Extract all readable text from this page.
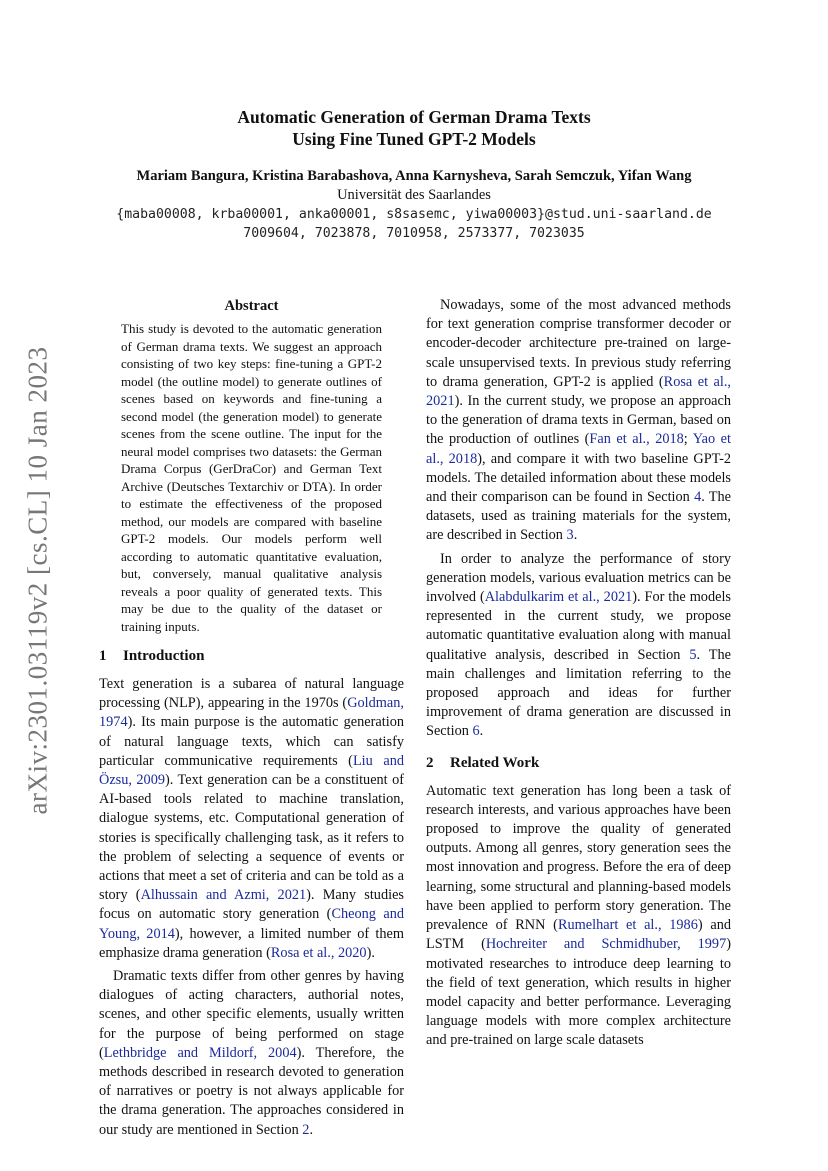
arXiv:2301.03119v2 [cs.CL] 10 Jan 2023
Automatic Generation of German Drama Texts
Using Fine Tuned GPT-2 Models
Mariam Bangura, Kristina Barabashova, Anna Karnysheva, Sarah Semczuk, Yifan Wang
Universität des Saarlandes
{maba00008, krba00001, anka00001, s8sasemc, yiwa00003}@stud.uni-saarland.de
7009604, 7023878, 7010958, 2573377, 7023035
Abstract

This study is devoted to the automatic generation of German drama texts. We suggest an approach consisting of two key steps: fine-tuning a GPT-2 model (the outline model) to generate outlines of scenes based on keywords and fine-tuning a second model (the generation model) to generate scenes from the scene outline. The input for the neural model comprises two datasets: the German Drama Corpus (GerDraCor) and German Text Archive (Deutsches Textarchiv or DTA). In order to estimate the effectiveness of the proposed method, our models are compared with baseline GPT-2 models. Our models perform well according to automatic quantitative evaluation, but, conversely, manual qualitative analysis reveals a poor quality of generated texts. This may be due to the quality of the dataset or training inputs.

1 Introduction

Text generation is a subarea of natural language processing (NLP), appearing in the 1970s (Goldman, 1974). Its main purpose is the automatic generation of natural language texts, which can satisfy particular communicative requirements (Liu and Özsu, 2009). Text generation can be a constituent of AI-based tools related to machine translation, dialogue systems, etc. Computational generation of stories is specifically challenging task, as it refers to the problem of selecting a sequence of events or actions that meet a set of criteria and can be told as a story (Alhussain and Azmi, 2021). Many studies focus on automatic story generation (Cheong and Young, 2014), however, a limited number of them emphasize drama generation (Rosa et al., 2020).

Dramatic texts differ from other genres by having dialogues of acting characters, authorial notes, scenes, and other specific elements, usually written for the purpose of being performed on stage (Lethbridge and Mildorf, 2004). Therefore, the methods described in research devoted to generation of narratives or poetry is not always applicable for the drama generation. The approaches considered in our study are mentioned in Section 2.

Nowadays, some of the most advanced methods for text generation comprise transformer decoder or encoder-decoder architecture pre-trained on large-scale unsupervised texts. In previous study referring to drama generation, GPT-2 is applied (Rosa et al., 2021). In the current study, we propose an approach to the generation of drama texts in German, based on the production of outlines (Fan et al., 2018; Yao et al., 2018), and compare it with two baseline GPT-2 models. The detailed information about these models and their comparison can be found in Section 4. The datasets, used as training materials for the system, are described in Section 3.

In order to analyze the performance of story generation models, various evaluation metrics can be involved (Alabdulkarim et al., 2021). For the models represented in the current study, we propose automatic quantitative evaluation along with manual qualitative analysis, described in Section 5. The main challenges and limitation referring to the proposed approach and ideas for further improvement of drama generation are discussed in Section 6.

2 Related Work

Automatic text generation has long been a task of research interests, and various approaches have been proposed to improve the quality of generated outputs. Among all genres, story generation sees the most innovation and progress. Before the era of deep learning, some structural and planning-based models have been applied to perform story generation. The prevalence of RNN (Rumelhart et al., 1986) and LSTM (Hochreiter and Schmidhuber, 1997) motivated researches to introduce deep learning to the field of text generation, which results in higher model capacity and better performance. Leveraging language models with more complex architecture and pre-trained on large scale datasets
